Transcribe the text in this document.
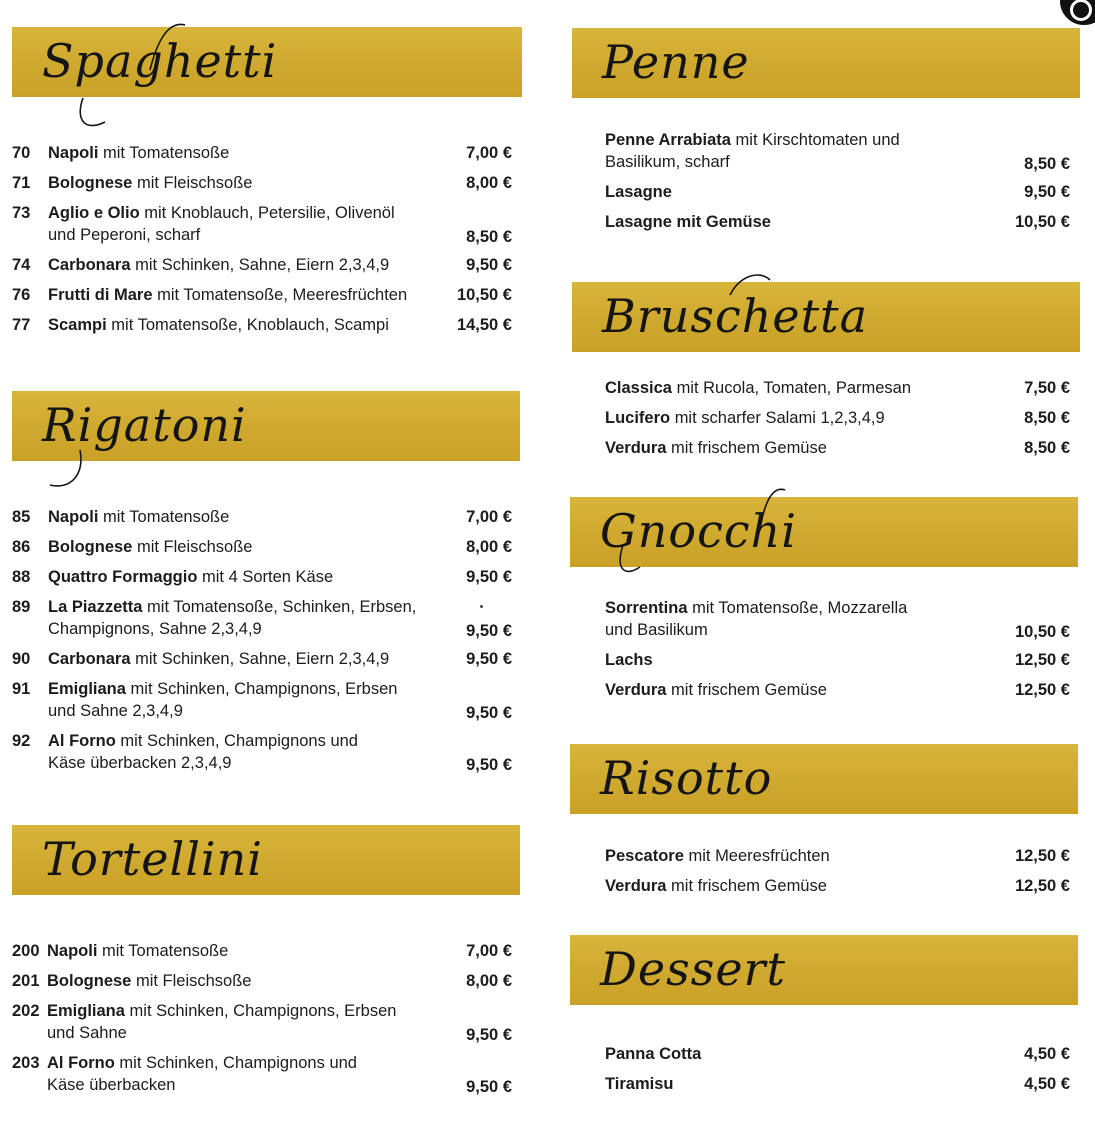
Spaghetti
70 Napoli mit Tomatensoße	7,00 €
71 Bolognese mit Fleischsoße	8,00 €
73 Aglio e Olio mit Knoblauch, Petersilie, Olivenöl
und Peperoni, scharf	8,50 €
74 Carbonara mit Schinken, Sahne, Eiern 2,3,4,9	9,50 €
76 Frutti di Mare mit Tomatensoße, Meeresfrüchten	10,50 €
77 Scampi mit Tomatensoße, Knoblauch, Scampi	14,50 €
Rigatoni
85 Napoli mit Tomatensoße	7,00 €
86 Bolognese mit Fleischsoße	8,00 €
88 Quattro Formaggio mit 4 Sorten Käse	9,50 €
89 La Piazzetta mit Tomatensoße, Schinken, Erbsen,
Champignons, Sahne 2,3,4,9	9,50 €
90 Carbonara mit Schinken, Sahne, Eiern 2,3,4,9	9,50 €
91 Emigliana mit Schinken, Champignons, Erbsen
und Sahne 2,3,4,9	9,50 €
92 Al Forno mit Schinken, Champignons und
Käse überbacken 2,3,4,9	9,50 €
Tortellini
200 Napoli mit Tomatensoße	7,00 €
201 Bolognese mit Fleischsoße	8,00 €
202 Emigliana mit Schinken, Champignons, Erbsen
und Sahne	9,50 €
203 Al Forno mit Schinken, Champignons und
Käse überbacken	9,50 €
Penne
Penne Arrabiata mit Kirschtomaten und
Basilikum, scharf	8,50 €
Lasagne	9,50 €
Lasagne mit Gemüse	10,50 €
Bruschetta
Classica mit Rucola, Tomaten, Parmesan	7,50 €
Lucifero mit scharfer Salami 1,2,3,4,9	8,50 €
Verdura mit frischem Gemüse	8,50 €
Gnocchi
Sorrentina mit Tomatensoße, Mozzarella
und Basilikum	10,50 €
Lachs	12,50 €
Verdura mit frischem Gemüse	12,50 €
Risotto
Pescatore mit Meeresfrüchten	12,50 €
Verdura mit frischem Gemüse	12,50 €
Dessert
Panna Cotta	4,50 €
Tiramisu	4,50 €
